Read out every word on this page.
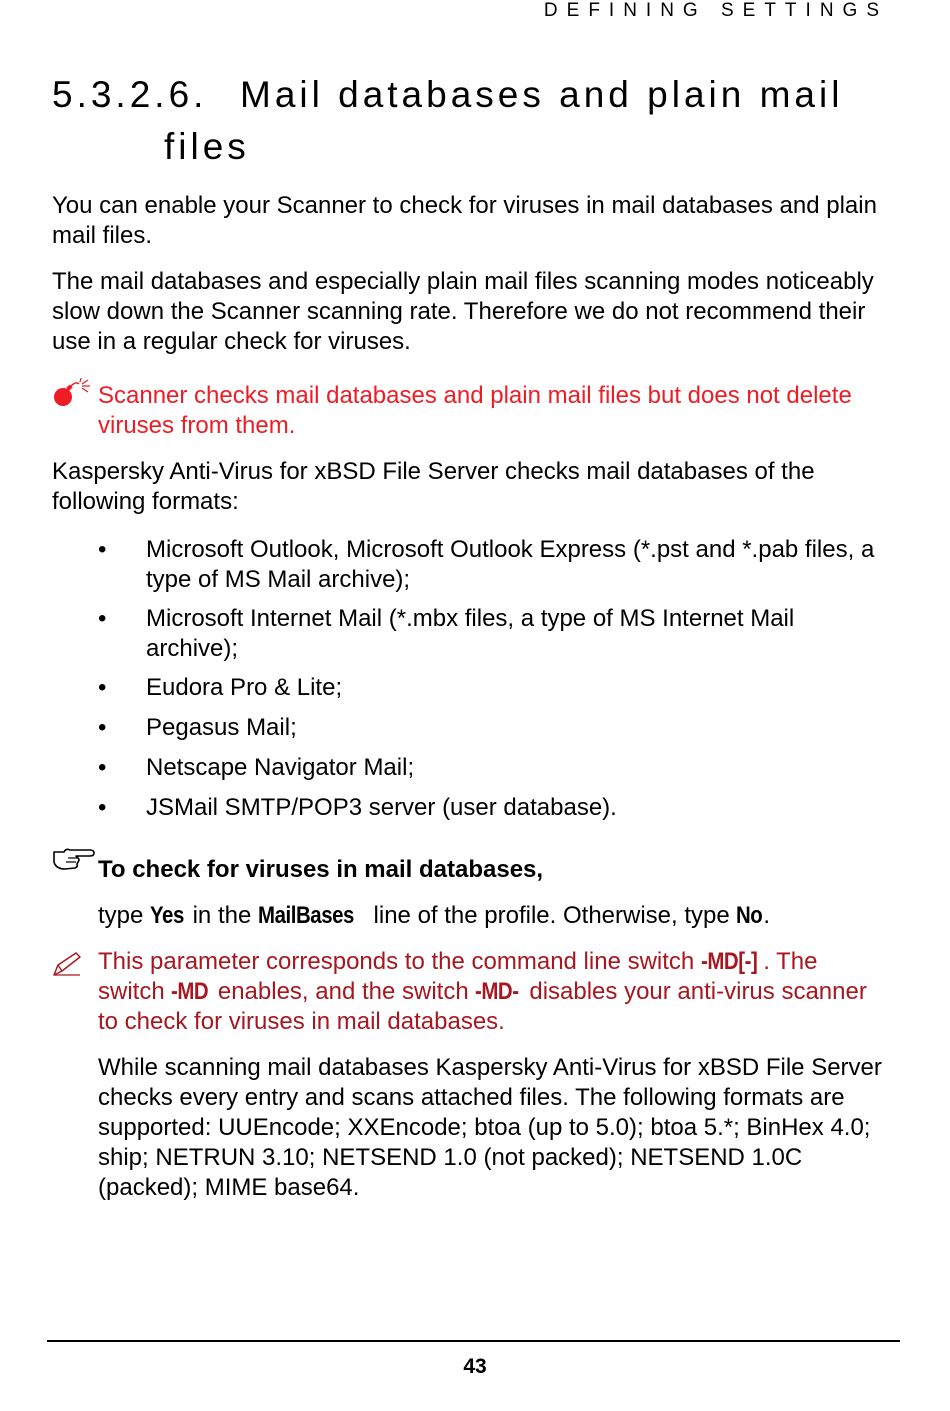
DEFINING SETTINGS
5.3.2.6. Mail databases and plain mail
files
You can enable your Scanner to check for viruses in mail databases and plain mail files.
The mail databases and especially plain mail files scanning modes noticeably slow down the Scanner scanning rate. Therefore we do not recommend their use in a regular check for viruses.
Scanner checks mail databases and plain mail files but does not delete viruses from them.
Kaspersky Anti-Virus for xBSD File Server checks mail databases of the following formats:
• Microsoft Outlook, Microsoft Outlook Express (*.pst and *.pab files, a type of MS Mail archive);
• Microsoft Internet Mail (*.mbx files, a type of MS Internet Mail archive);
• Eudora Pro & Lite;
• Pegasus Mail;
• Netscape Navigator Mail;
• JSMail SMTP/POP3 server (user database).
To check for viruses in mail databases,
type Yes in the MailBases line of the profile. Otherwise, type No.
This parameter corresponds to the command line switch -MD[-] . The switch -MD enables, and the switch -MD- disables your anti-virus scanner to check for viruses in mail databases.
While scanning mail databases Kaspersky Anti-Virus for xBSD File Server checks every entry and scans attached files. The following formats are supported: UUEncode; XXEncode; btoa (up to 5.0); btoa 5.*; BinHex 4.0; ship; NETRUN 3.10; NETSEND 1.0 (not packed); NETSEND 1.0C (packed); MIME base64.
43
